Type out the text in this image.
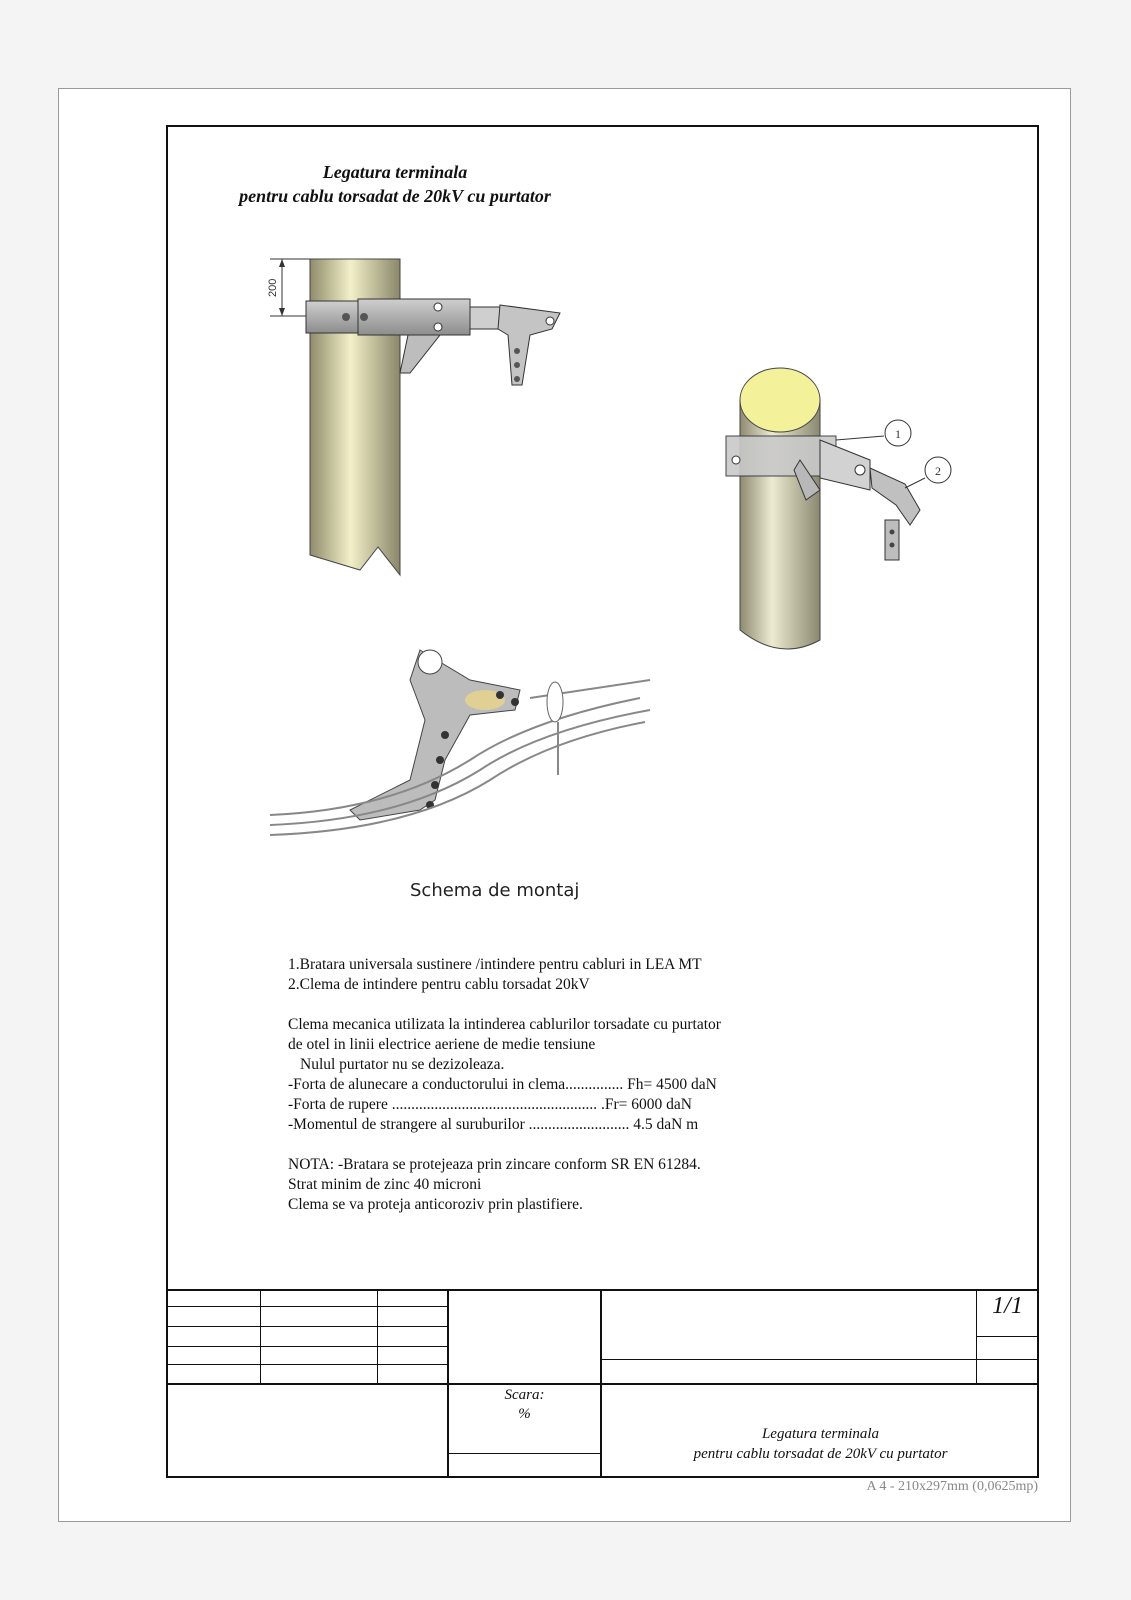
Legatura terminala
pentru cablu torsadat de 20kV cu purtator
200
1
2
Schema de montaj
1.Bratara universala sustinere /intindere pentru cabluri in LEA MT
2.Clema de intindere pentru cablu torsadat 20kV
Clema mecanica utilizata la intinderea cablurilor torsadate cu purtator
de otel in linii electrice aeriene de medie tensiune
Nulul purtator nu se dezizoleaza.
-Forta de alunecare a conductorului in clema............... Fh= 4500 daN
-Forta de rupere ..................................................... .Fr= 6000 daN
-Momentul de strangere al suruburilor .......................... 4.5 daN m
NOTA: -Bratara se protejeaza prin zincare conform SR EN 61284.
Strat minim de zinc 40 microni
Clema se va proteja anticoroziv prin plastifiere.
1/1
Scara:
%
Legatura terminala
pentru cablu torsadat de 20kV cu purtator
A 4 - 210x297mm (0,0625mp)
